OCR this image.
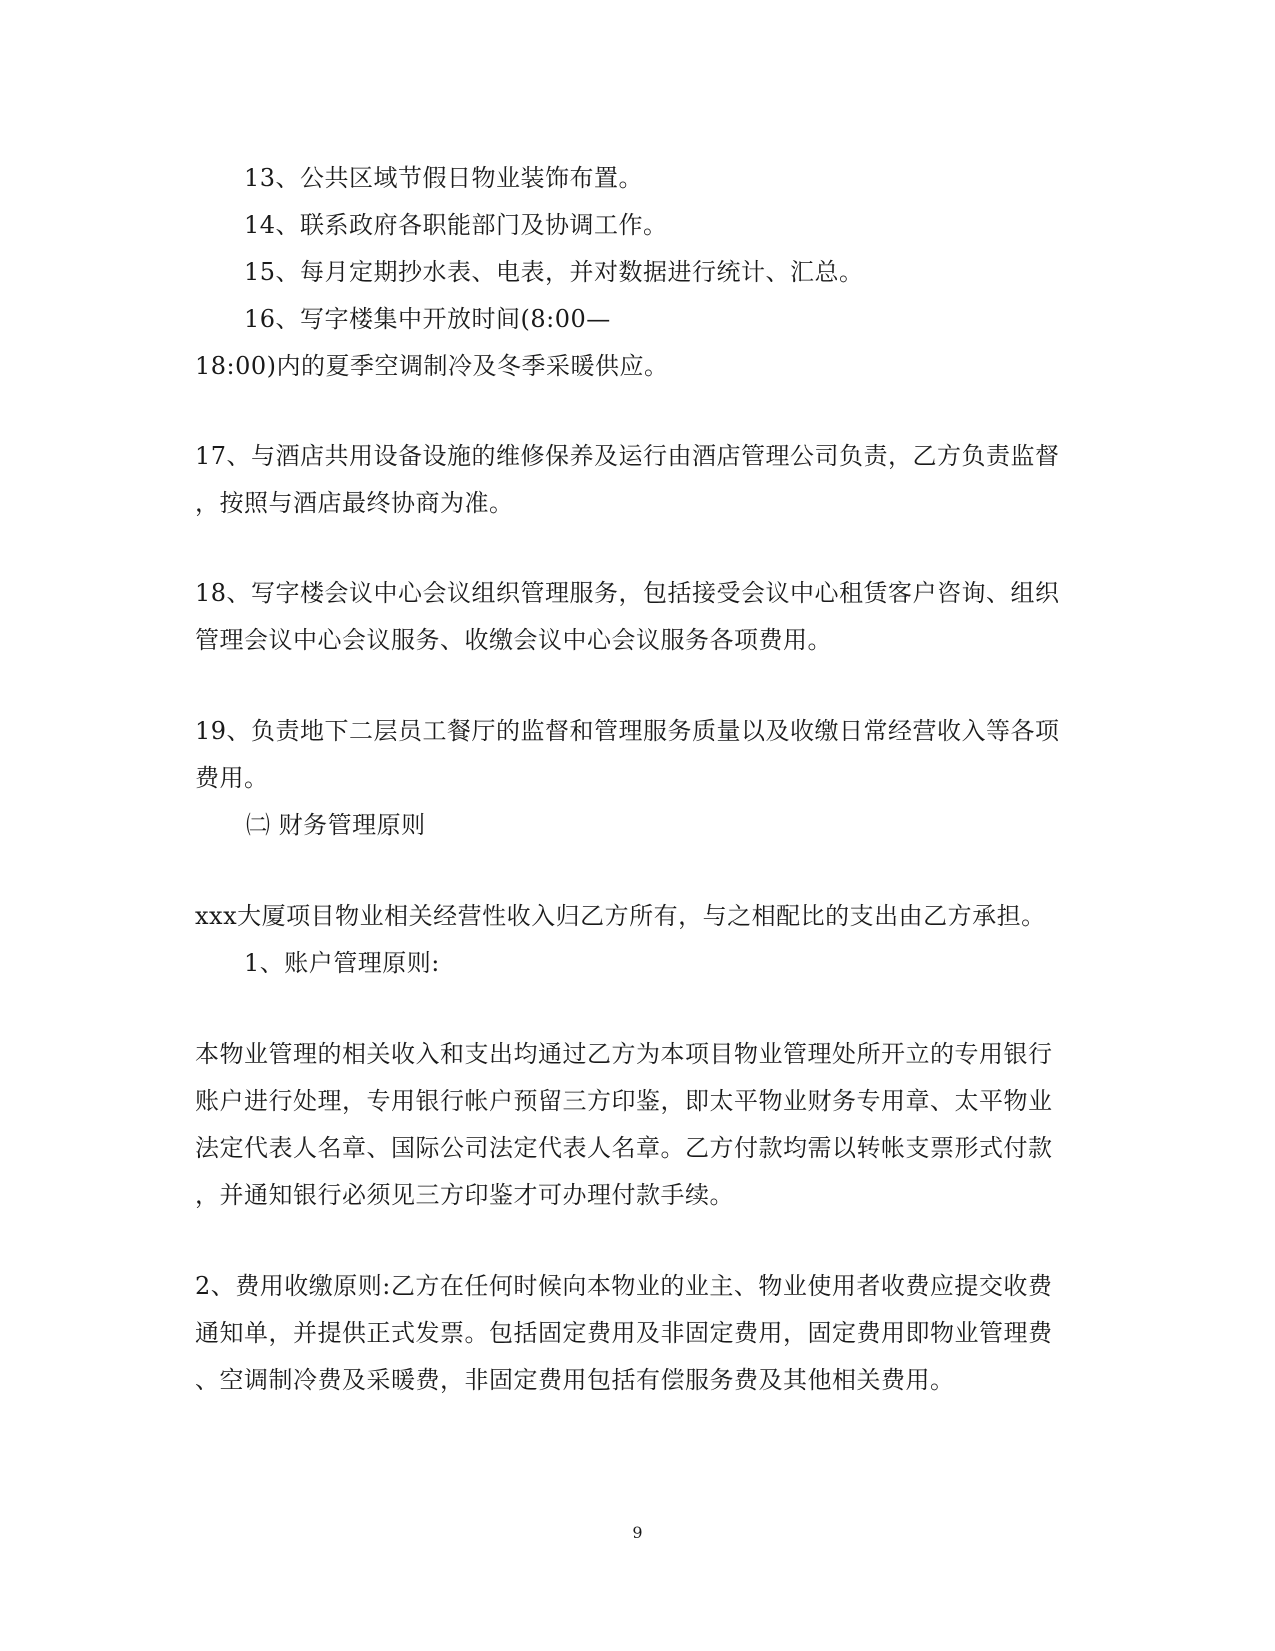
13、公共区域节假日物业装饰布置。
14、联系政府各职能部门及协调工作。
15、每月定期抄水表、电表，并对数据进行统计、汇总。
16、写字楼集中开放时间(8:00—
18:00)内的夏季空调制冷及冬季采暖供应。
17、与酒店共用设备设施的维修保养及运行由酒店管理公司负责，乙方负责监督
，按照与酒店最终协商为准。
18、写字楼会议中心会议组织管理服务，包括接受会议中心租赁客户咨询、组织
管理会议中心会议服务、收缴会议中心会议服务各项费用。
19、负责地下二层员工餐厅的监督和管理服务质量以及收缴日常经营收入等各项
费用。
㈡ 财务管理原则
xxx大厦项目物业相关经营性收入归乙方所有，与之相配比的支出由乙方承担。
1、账户管理原则:
本物业管理的相关收入和支出均通过乙方为本项目物业管理处所开立的专用银行
账户进行处理，专用银行帐户预留三方印鉴，即太平物业财务专用章、太平物业
法定代表人名章、国际公司法定代表人名章。乙方付款均需以转帐支票形式付款
，并通知银行必须见三方印鉴才可办理付款手续。
2、费用收缴原则:乙方在任何时候向本物业的业主、物业使用者收费应提交收费
通知单，并提供正式发票。包括固定费用及非固定费用，固定费用即物业管理费
、空调制冷费及采暖费，非固定费用包括有偿服务费及其他相关费用。
9
